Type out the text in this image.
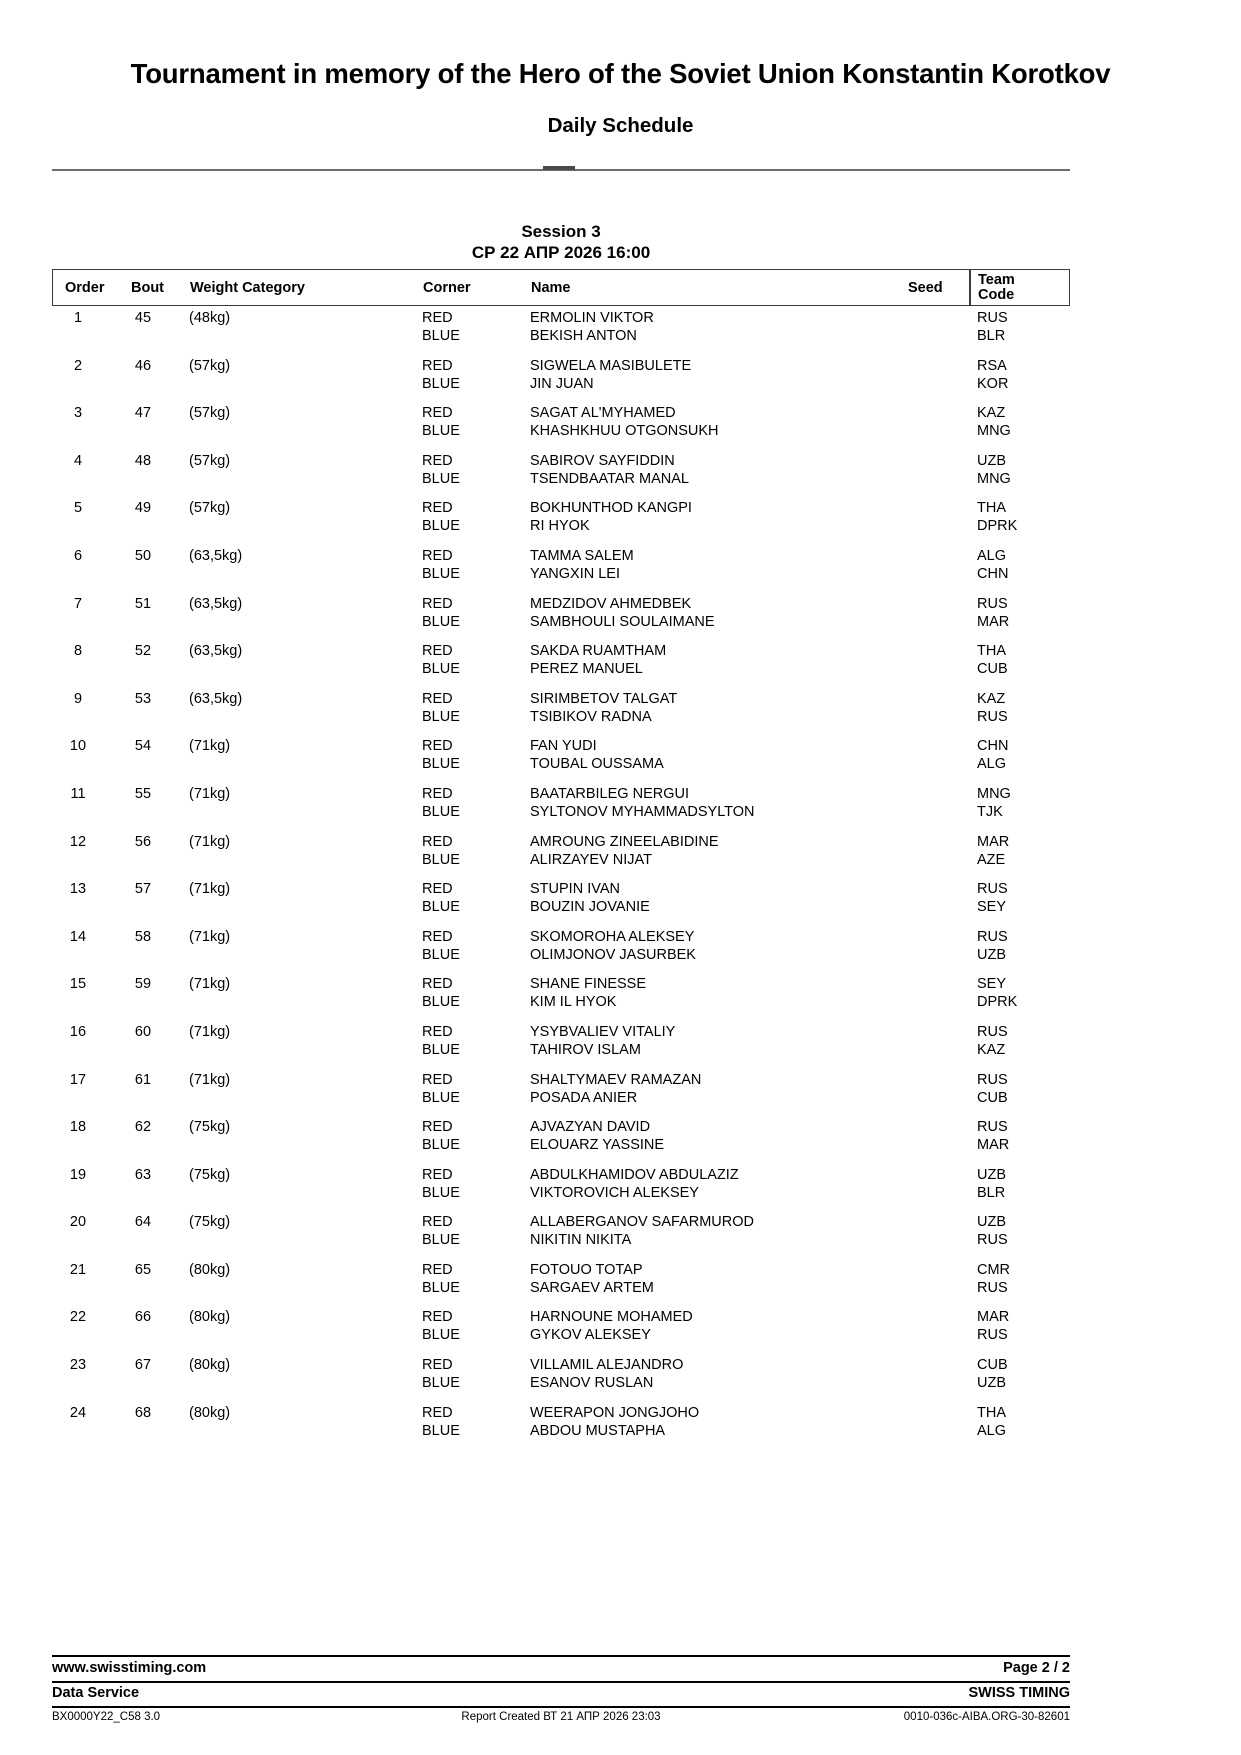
Tournament in memory of the Hero of the Soviet Union Konstantin Korotkov
Daily Schedule
Session 3
СР 22 АПР 2026 16:00
Order Bout Weight Category	Corner	Name	Seed Team
Code
1	45	(48kg)	RED	ERMOLIN VIKTOR	RUS
BLUE	BEKISH ANTON	BLR
2	46	(57kg)	RED	SIGWELA MASIBULETE	RSA
BLUE	JIN JUAN	KOR
3	47	(57kg)	RED	SAGAT AL'MYHAMED	KAZ
BLUE	KHASHKHUU OTGONSUKH	MNG
4	48	(57kg)	RED	SABIROV SAYFIDDIN	UZB
BLUE	TSENDBAATAR MANAL	MNG
5	49	(57kg)	RED	BOKHUNTHOD KANGPI	THA
BLUE	RI HYOK	DPRK
6	50	(63,5kg)	RED	TAMMA SALEM	ALG
BLUE	YANGXIN LEI	CHN
7	51	(63,5kg)	RED	MEDZIDOV AHMEDBEK	RUS
BLUE	SAMBHOULI SOULAIMANE	MAR
8	52	(63,5kg)	RED	SAKDA RUAMTHAM	THA
BLUE	PEREZ MANUEL	CUB
9	53	(63,5kg)	RED	SIRIMBETOV TALGAT	KAZ
BLUE	TSIBIKOV RADNA	RUS
10	54	(71kg)	RED	FAN YUDI	CHN
BLUE	TOUBAL OUSSAMA	ALG
11	55	(71kg)	RED	BAATARBILEG NERGUI	MNG
BLUE	SYLTONOV MYHAMMADSYLTON	TJK
12	56	(71kg)	RED	AMROUNG ZINEELABIDINE	MAR
BLUE	ALIRZAYEV NIJAT	AZE
13	57	(71kg)	RED	STUPIN IVAN	RUS
BLUE	BOUZIN JOVANIE	SEY
14	58	(71kg)	RED	SKOMOROHA ALEKSEY	RUS
BLUE	OLIMJONOV JASURBEK	UZB
15	59	(71kg)	RED	SHANE FINESSE	SEY
BLUE	KIM IL HYOK	DPRK
16	60	(71kg)	RED	YSYBVALIEV VITALIY	RUS
BLUE	TAHIROV ISLAM	KAZ
17	61	(71kg)	RED	SHALTYMAEV RAMAZAN	RUS
BLUE	POSADA ANIER	CUB
18	62	(75kg)	RED	AJVAZYAN DAVID	RUS
BLUE	ELOUARZ YASSINE	MAR
19	63	(75kg)	RED	ABDULKHAMIDOV ABDULAZIZ	UZB
BLUE	VIKTOROVICH ALEKSEY	BLR
20	64	(75kg)	RED	ALLABERGANOV SAFARMUROD	UZB
BLUE	NIKITIN NIKITA	RUS
21	65	(80kg)	RED	FOTOUO TOTAP	CMR
BLUE	SARGAEV ARTEM	RUS
22	66	(80kg)	RED	HARNOUNE MOHAMED	MAR
BLUE	GYKOV ALEKSEY	RUS
23	67	(80kg)	RED	VILLAMIL ALEJANDRO	CUB
BLUE	ESANOV RUSLAN	UZB
24	68	(80kg)	RED	WEERAPON JONGJOHO	THA
BLUE	ABDOU MUSTAPHA	ALG
www.swisstiming.com	Page 2 / 2
Data Service	SWISS TIMING
BX0000Y22_C58 3.0	Report Created ВТ 21 АПР 2026 23:03	0010-036c-AIBA.ORG-30-82601
